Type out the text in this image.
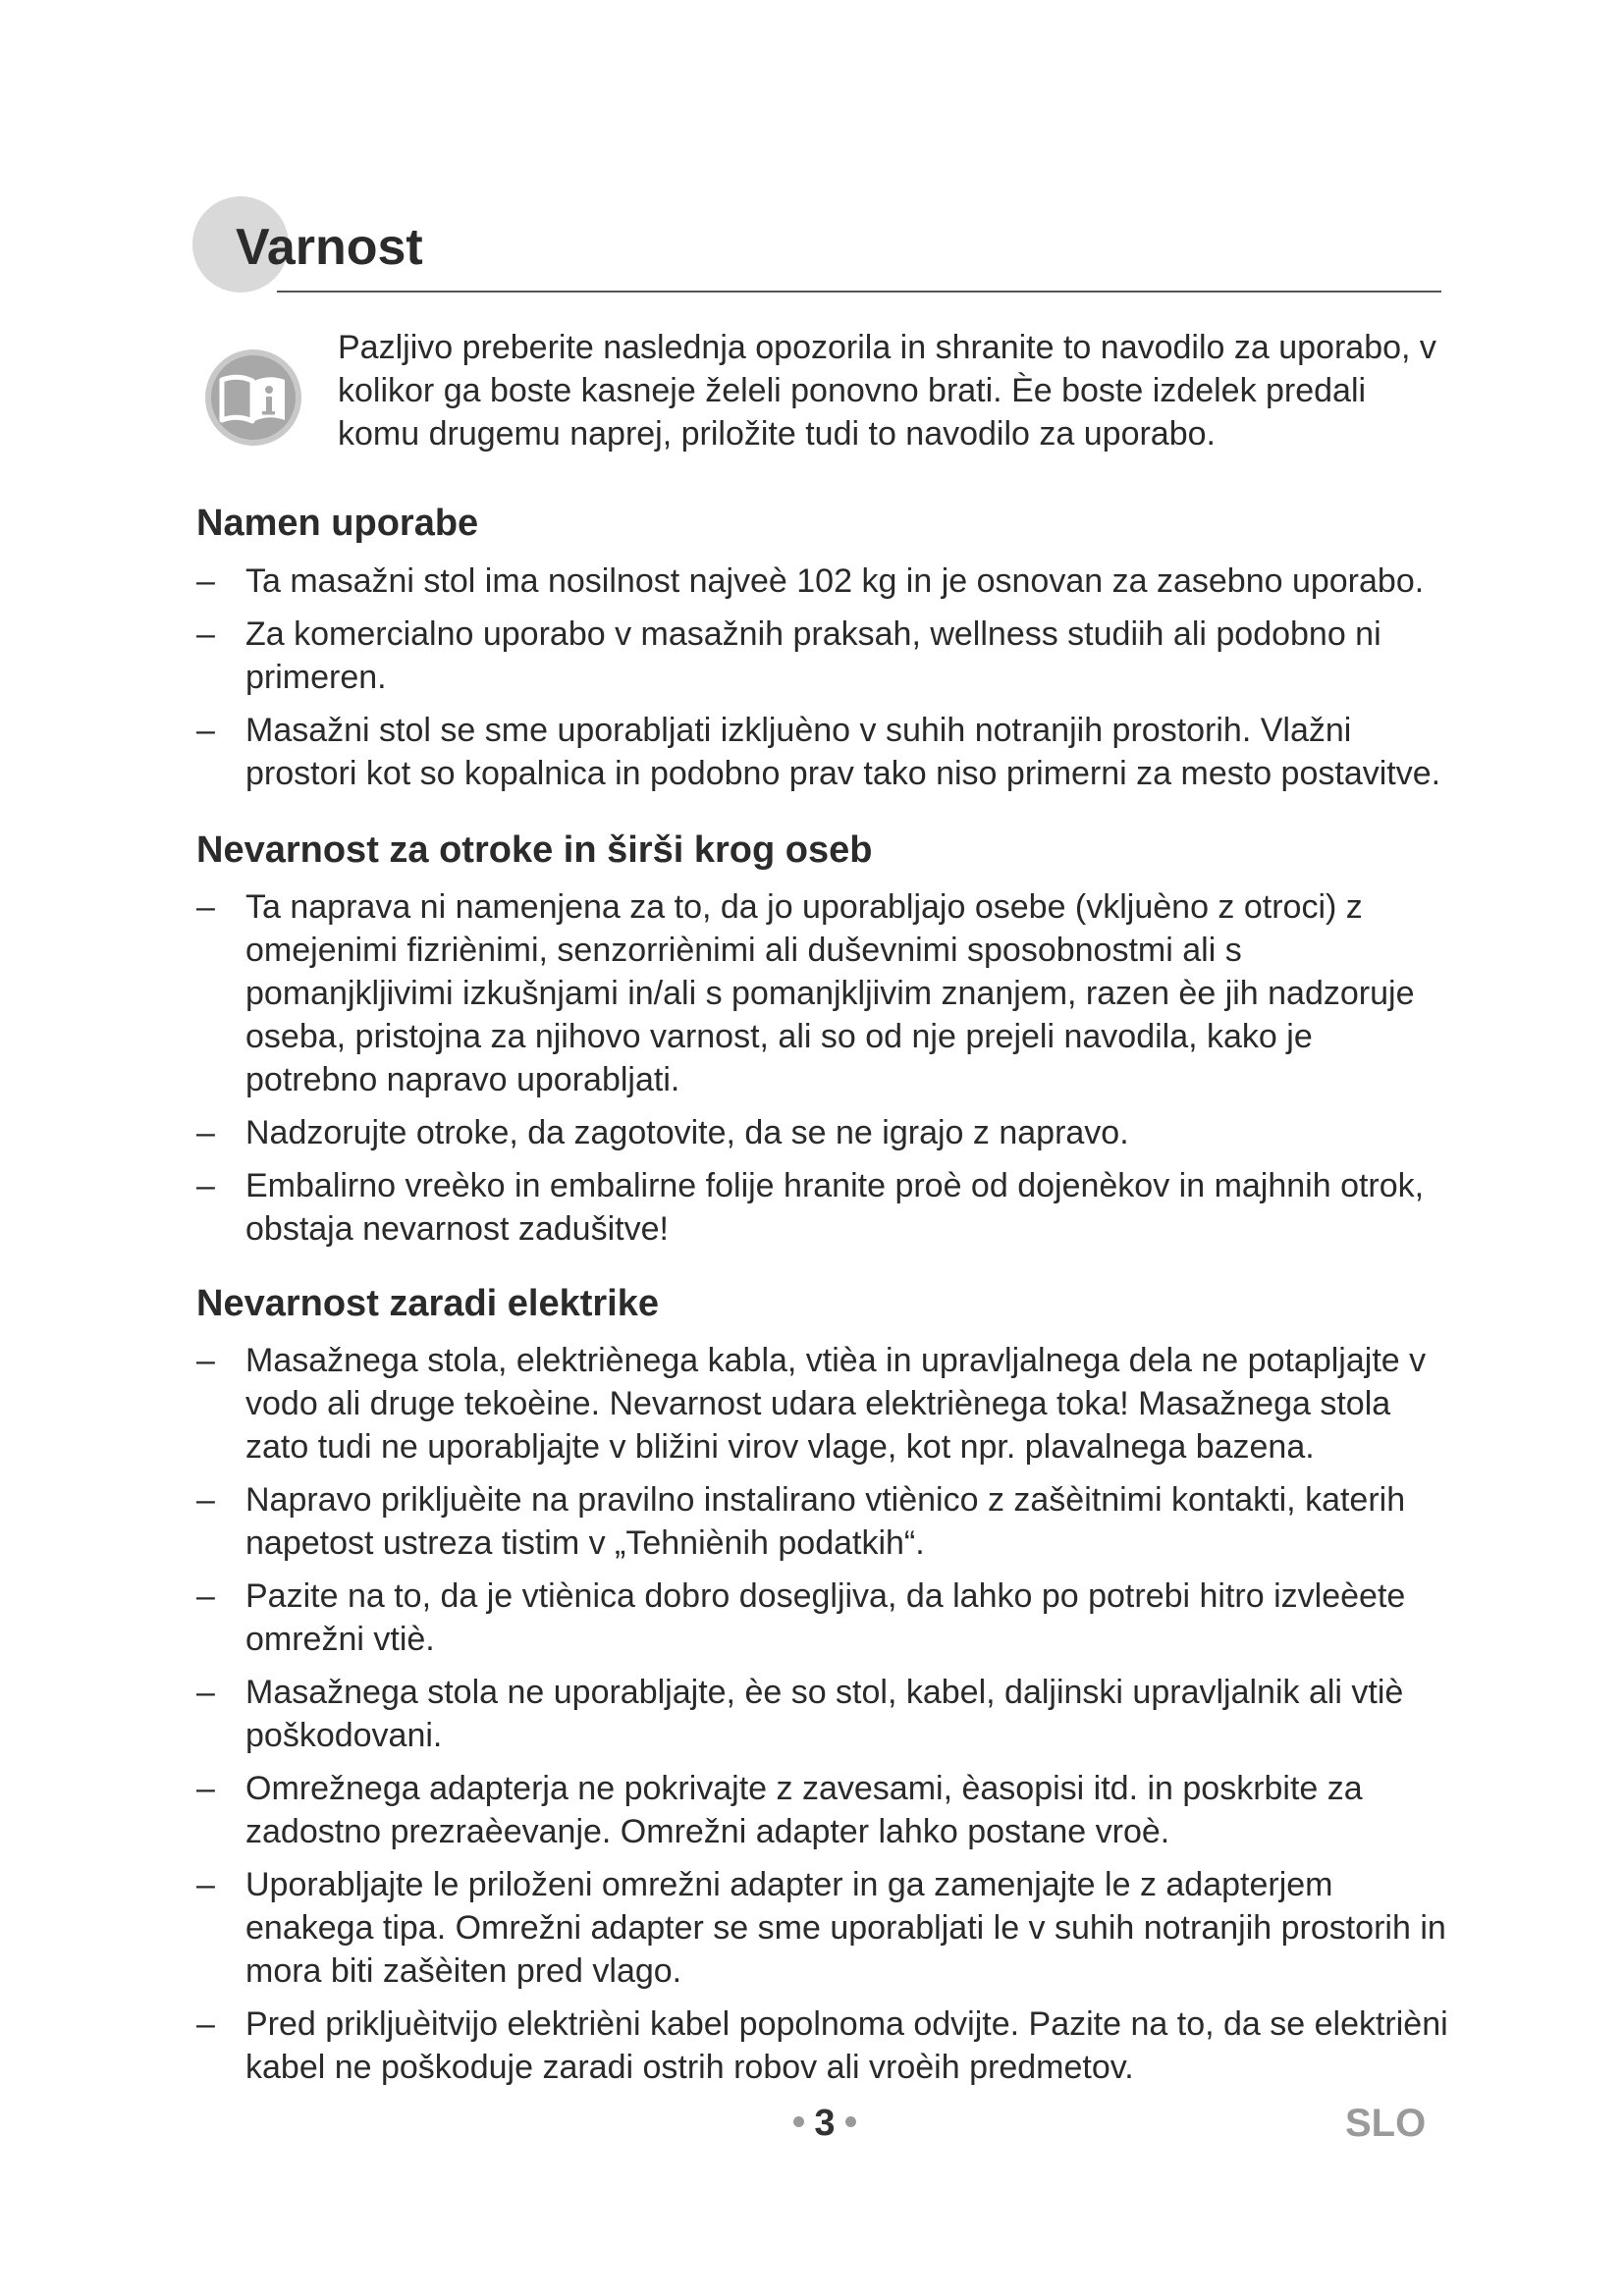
Varnost

Pazljivo preberite naslednja opozorila in shranite to navodilo za uporabo, v kolikor ga boste kasneje želeli ponovno brati. Èe boste izdelek predali komu drugemu naprej, priložite tudi to navodilo za uporabo.

Namen uporabe
– Ta masažni stol ima nosilnost najveè 102 kg in je osnovan za zasebno uporabo.
– Za komercialno uporabo v masažnih praksah, wellness studiih ali podobno ni primeren.
– Masažni stol se sme uporabljati izkljuèno v suhih notranjih prostorih. Vlažni prostori kot so kopalnica in podobno prav tako niso primerni za mesto postavitve.
Nevarnost za otroke in širši krog oseb
– Ta naprava ni namenjena za to, da jo uporabljajo osebe (vkljuèno z otroci) z omejenimi fizriènimi, senzorriènimi ali duševnimi sposobnostmi ali s pomanjkljivimi izkušnjami in/ali s pomanjkljivim znanjem, razen èe jih nadzoruje oseba, pristojna za njihovo varnost, ali so od nje prejeli navodila, kako je potrebno napravo uporabljati.
– Nadzorujte otroke, da zagotovite, da se ne igrajo z napravo.
– Embalirno vreèko in embalirne folije hranite proè od dojenèkov in majhnih otrok, obstaja nevarnost zadušitve!
Nevarnost zaradi elektrike
– Masažnega stola, elektriènega kabla, vtièa in upravljalnega dela ne potapljajte v vodo ali druge tekoèine. Nevarnost udara elektriènega toka! Masažnega stola zato tudi ne uporabljajte v bližini virov vlage, kot npr. plavalnega bazena.
– Napravo prikljuèite na pravilno instalirano vtiènico z zašèitnimi kontakti, katerih napetost ustreza tistim v „Tehniènih podatkih“.
– Pazite na to, da je vtiènica dobro dosegljiva, da lahko po potrebi hitro izvleèete omrežni vtiè.
– Masažnega stola ne uporabljajte, èe so stol, kabel, daljinski upravljalnik ali vtiè poškodovani.
– Omrežnega adapterja ne pokrivajte z zavesami, èasopisi itd. in poskrbite za zadostno prezraèevanje. Omrežni adapter lahko postane vroè.
– Uporabljajte le priloženi omrežni adapter in ga zamenjajte le z adapterjem enakega tipa. Omrežni adapter se sme uporabljati le v suhih notranjih prostorih in mora biti zašèiten pred vlago.
– Pred prikljuèitvijo elektrièni kabel popolnoma odvijte. Pazite na to, da se elektrièni kabel ne poškoduje zaradi ostrih robov ali vroèih predmetov.
3	SLO
